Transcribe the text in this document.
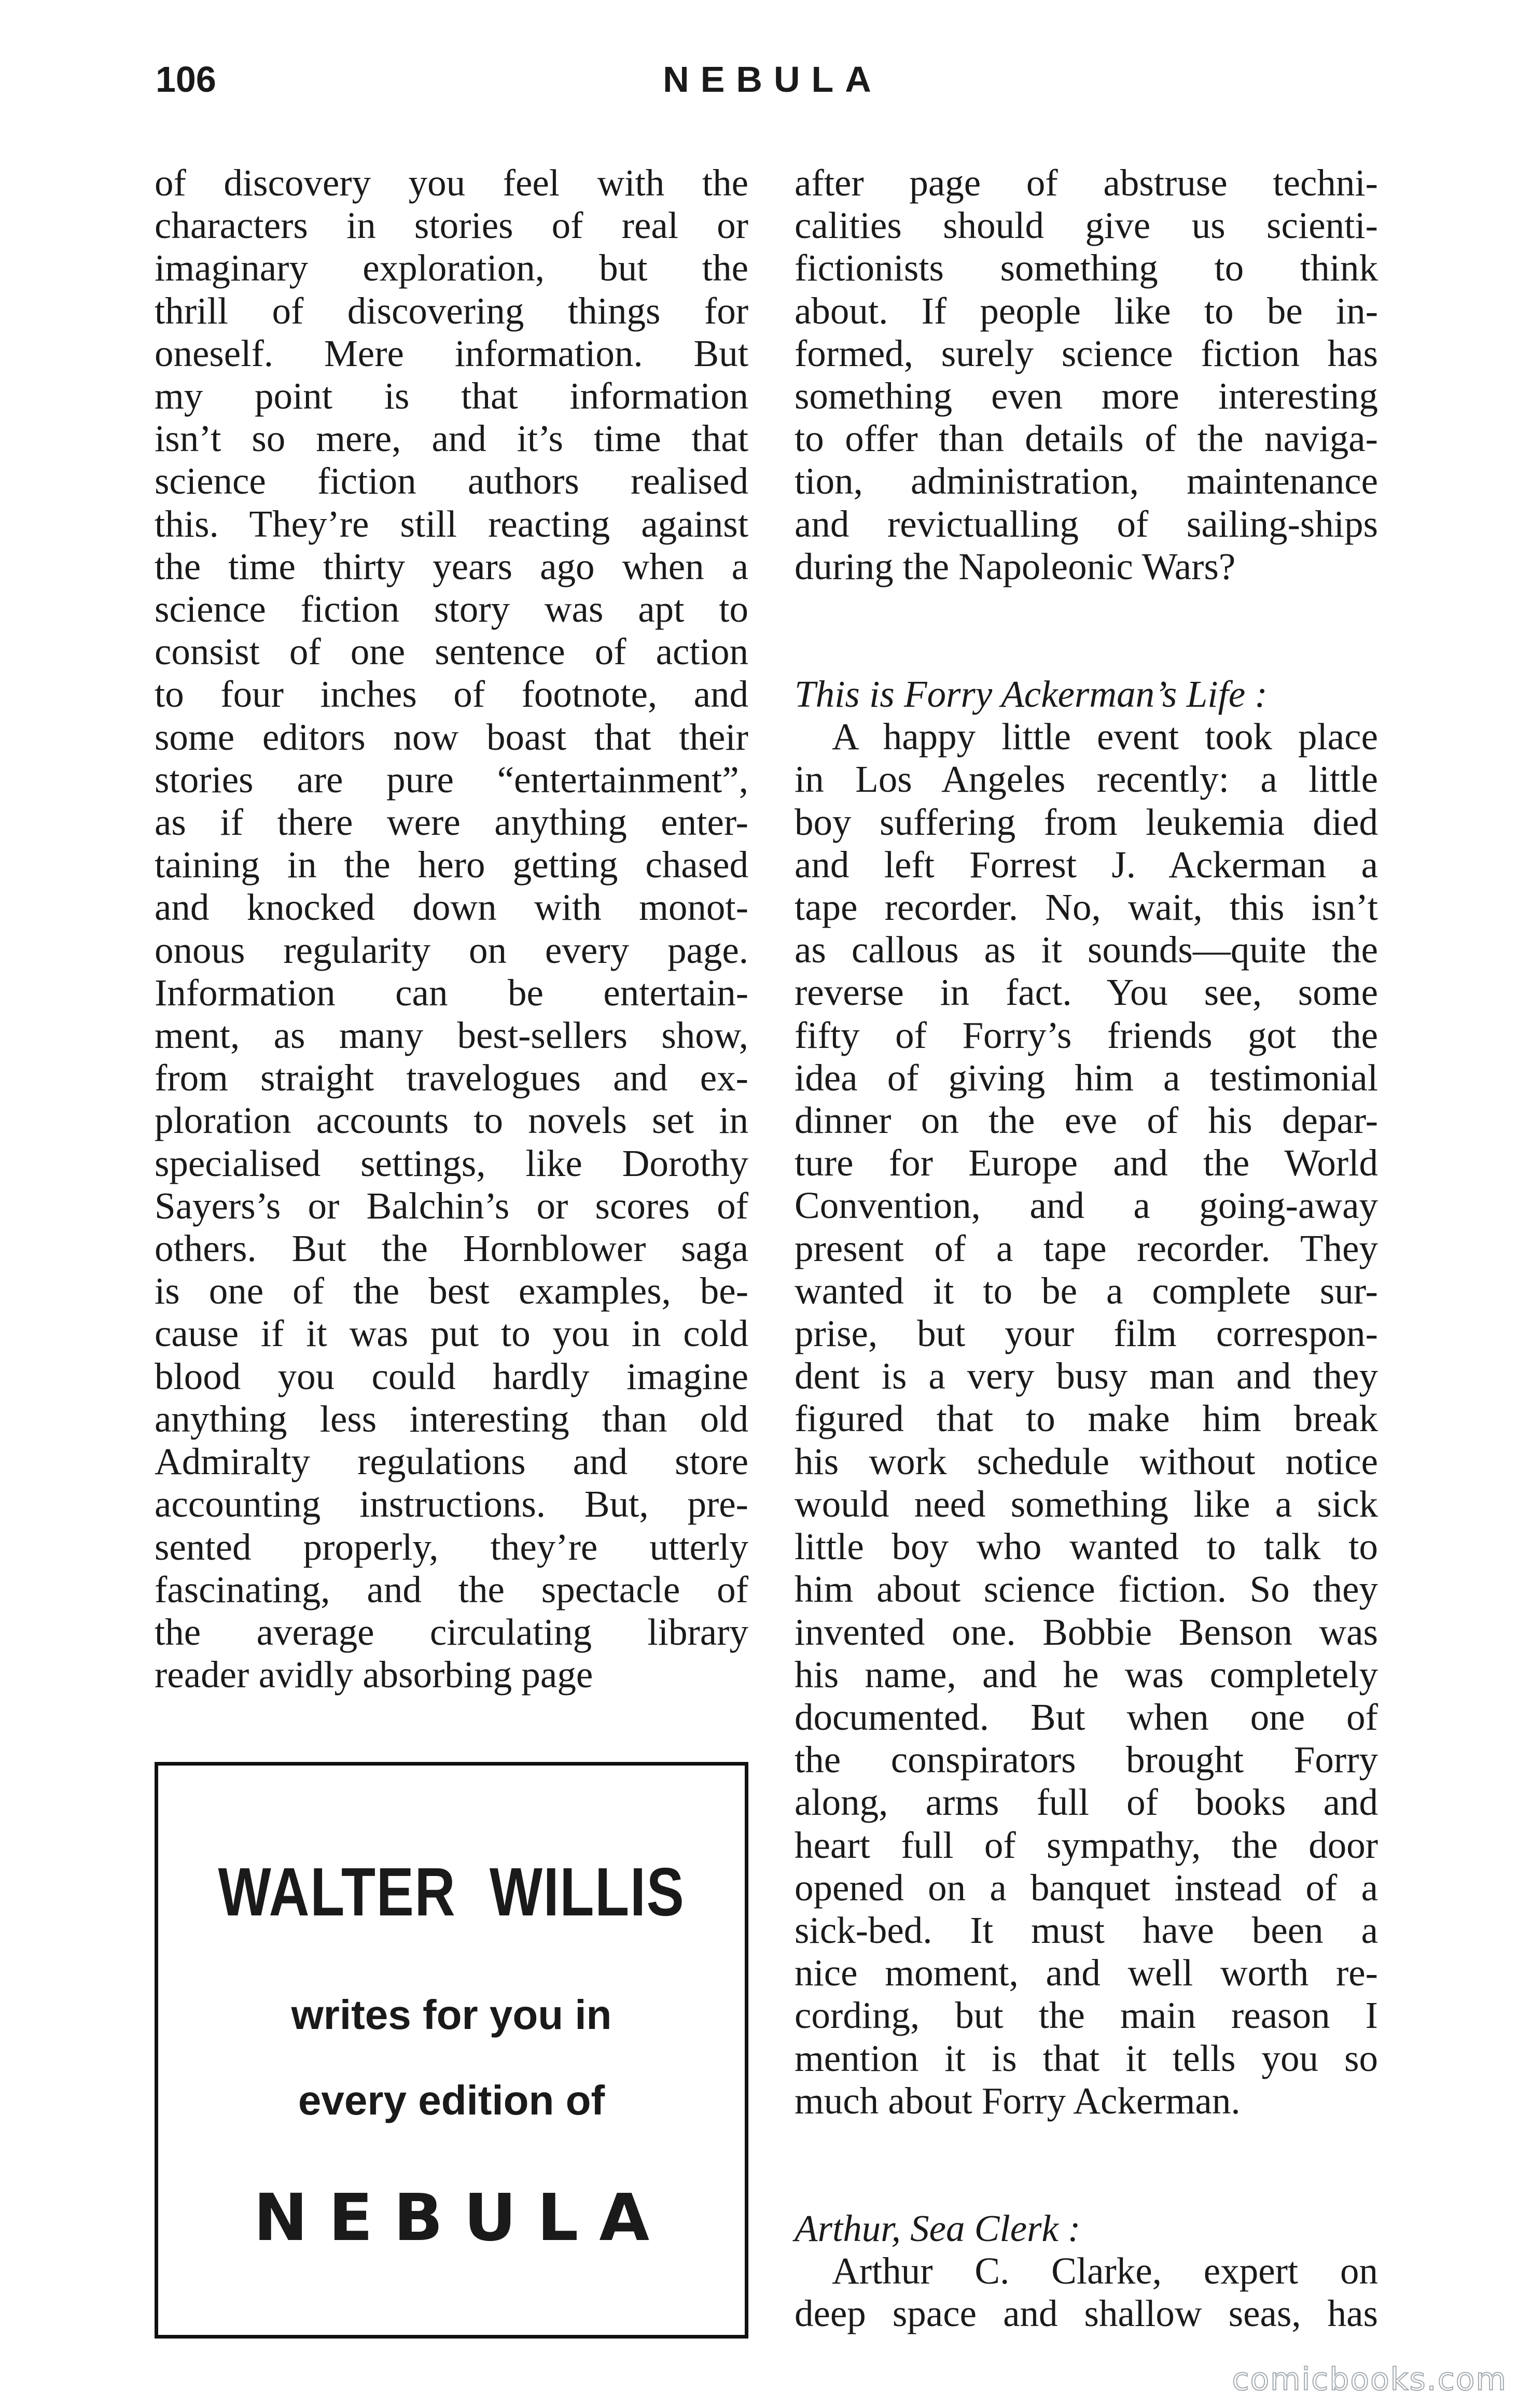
106	NEBULA
of discovery you feel with the
characters in stories of real or
imaginary exploration, but the
thrill of discovering things for
oneself. Mere information. But
my point is that information
isn’t so mere, and it’s time that
science fiction authors realised
this. They’re still reacting against
the time thirty years ago when a
science fiction story was apt to
consist of one sentence of action
to four inches of footnote, and
some editors now boast that their
stories are pure “entertainment”,
as if there were anything enter-
taining in the hero getting chased
and knocked down with monot-
onous regularity on every page.
Information can be entertain-
ment, as many best-sellers show,
from straight travelogues and ex-
ploration accounts to novels set in
specialised settings, like Dorothy
Sayers’s or Balchin’s or scores of
others. But the Hornblower saga
is one of the best examples, be-
cause if it was put to you in cold
blood you could hardly imagine
anything less interesting than old
Admiralty regulations and store
accounting instructions. But, pre-
sented properly, they’re utterly
fascinating, and the spectacle of
the average circulating library
reader avidly absorbing page
after page of abstruse techni-
calities should give us scienti-
fictionists something to think
about. If people like to be in-
formed, surely science fiction has
something even more interesting
to offer than details of the naviga-
tion, administration, maintenance
and revictualling of sailing-ships
during the Napoleonic Wars?

This is Forry Ackerman’s Life :

A happy little event took place
in Los Angeles recently: a little
boy suffering from leukemia died
and left Forrest J. Ackerman a
tape recorder. No, wait, this isn’t
as callous as it sounds—quite the
reverse in fact. You see, some
fifty of Forry’s friends got the
idea of giving him a testimonial
dinner on the eve of his depar-
ture for Europe and the World
Convention, and a going-away
present of a tape recorder. They
wanted it to be a complete sur-
prise, but your film correspon-
dent is a very busy man and they
figured that to make him break
his work schedule without notice
would need something like a sick
little boy who wanted to talk to
him about science fiction. So they
invented one. Bobbie Benson was
his name, and he was completely
documented. But when one of
the conspirators brought Forry
along, arms full of books and
heart full of sympathy, the door
opened on a banquet instead of a
sick-bed. It must have been a
nice moment, and well worth re-
cording, but the main reason I
mention it is that it tells you so
much about Forry Ackerman.

Arthur, Sea Clerk :

Arthur C. Clarke, expert on
deep space and shallow seas, has
WALTER WILLIS
writes for you in
every edition of
NEBULA
comicbooks.com
